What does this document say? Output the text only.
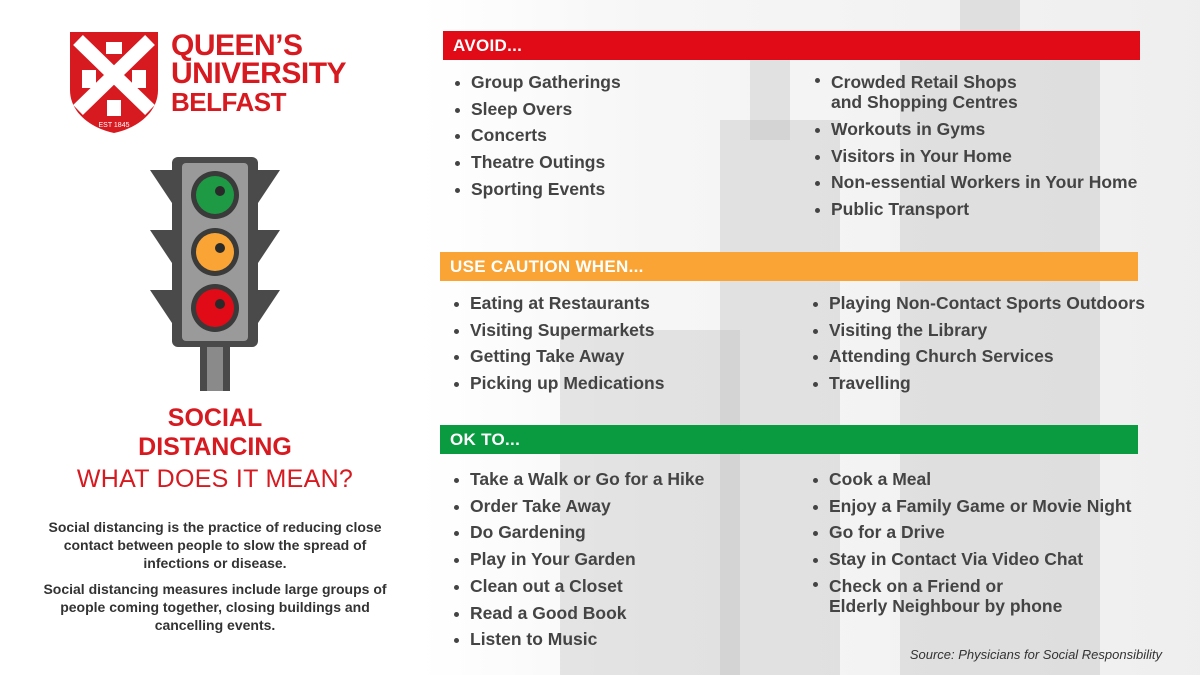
EST 1845
QUEEN’S
UNIVERSITY
BELFAST
SOCIAL
DISTANCING
WHAT DOES IT MEAN?

Social distancing is the practice of reducing close contact between people to slow the spread of infections or disease.

Social distancing measures include large groups of people coming together, closing buildings and cancelling events.

AVOID...
Group Gatherings
Sleep Overs
Concerts
Theatre Outings
Sporting Events
Crowded Retail Shops
and Shopping Centres
Workouts in Gyms
Visitors in Your Home
Non-essential Workers in Your Home
Public Transport
USE CAUTION WHEN...
Eating at Restaurants
Visiting Supermarkets
Getting Take Away
Picking up Medications
Playing Non-Contact Sports Outdoors
Visiting the Library
Attending Church Services
Travelling
OK TO...
Take a Walk or Go for a Hike
Order Take Away
Do Gardening
Play in Your Garden
Clean out a Closet
Read a Good Book
Listen to Music
Cook a Meal
Enjoy a Family Game or Movie Night
Go for a Drive
Stay in Contact Via Video Chat
Check on a Friend or
Elderly Neighbour by phone
Source: Physicians for Social Responsibility
